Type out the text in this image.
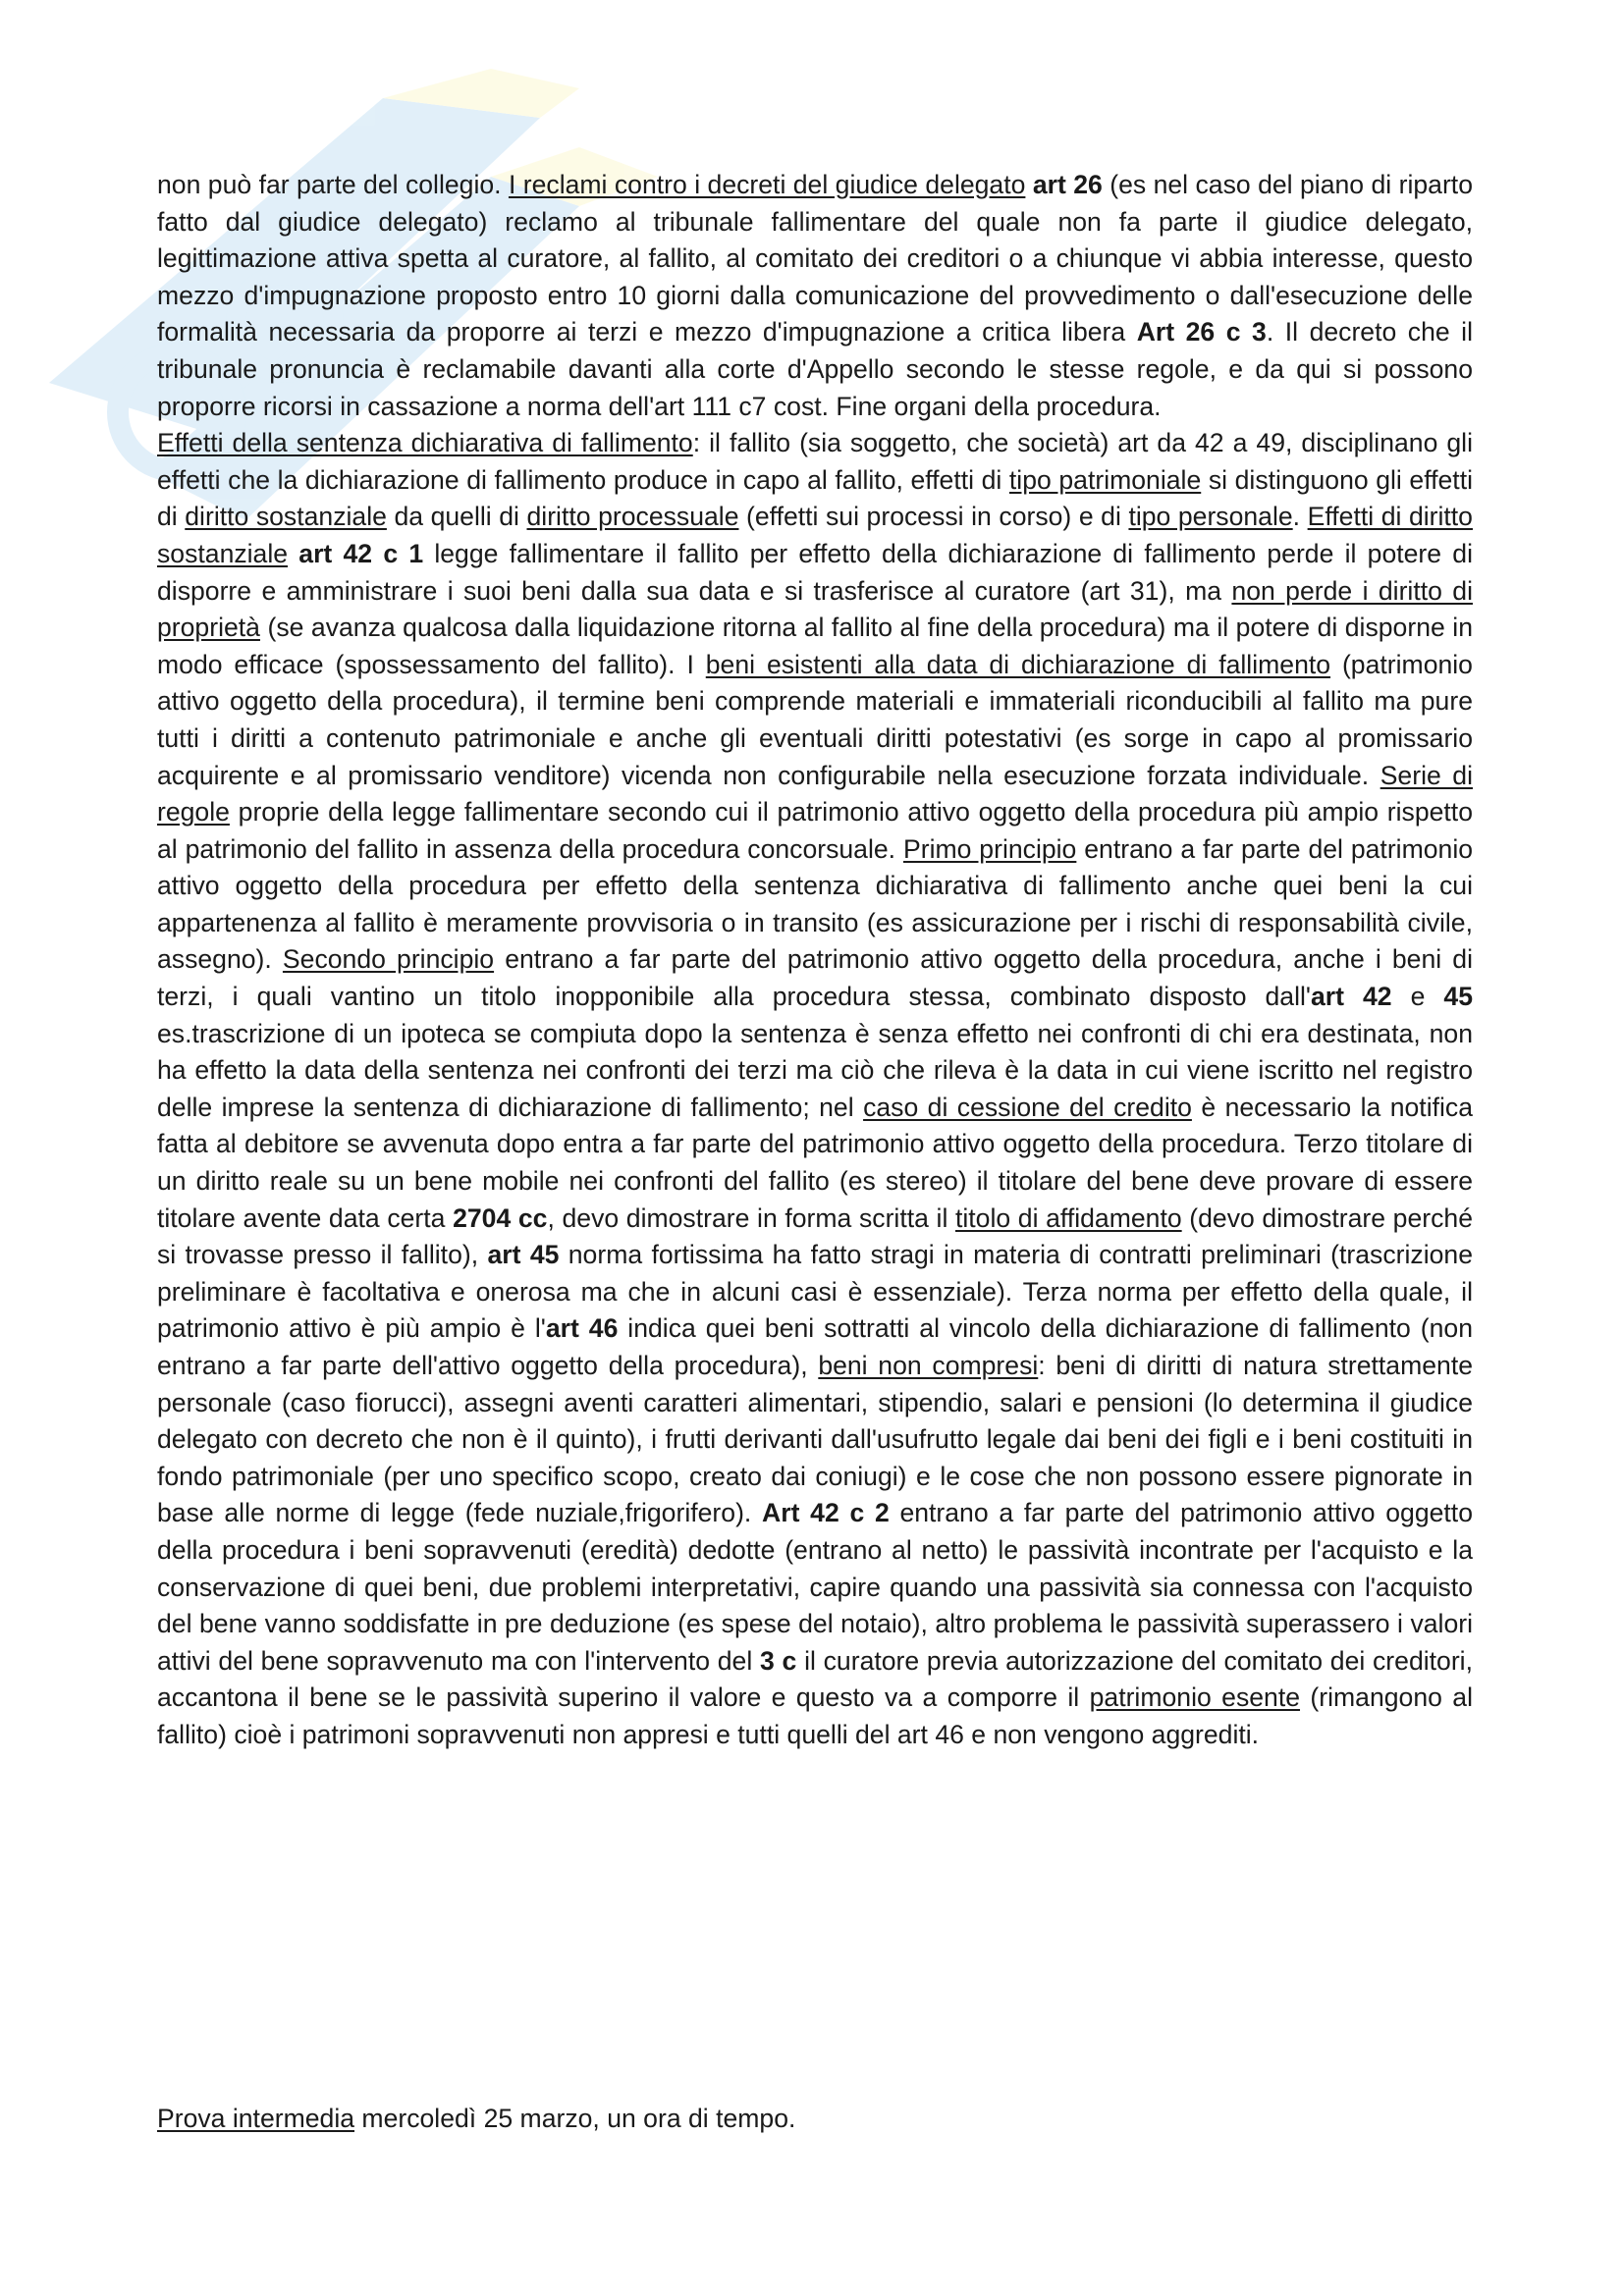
non può far parte del collegio. I reclami contro i decreti del giudice delegato art 26 (es nel caso del piano di riparto fatto dal giudice delegato) reclamo al tribunale fallimentare del quale non fa parte il giudice delegato, legittimazione attiva spetta al curatore, al fallito, al comitato dei creditori o a chiunque vi abbia interesse, questo mezzo d'impugnazione proposto entro 10 giorni dalla comunicazione del provvedimento o dall'esecuzione delle formalità necessaria da proporre ai terzi e mezzo d'impugnazione a critica libera Art 26 c 3. Il decreto che il tribunale pronuncia è reclamabile davanti alla corte d'Appello secondo le stesse regole, e da qui si possono proporre ricorsi in cassazione a norma dell'art 111 c7 cost. Fine organi della procedura.

Effetti della sentenza dichiarativa di fallimento: il fallito (sia soggetto, che società) art da 42 a 49, disciplinano gli effetti che la dichiarazione di fallimento produce in capo al fallito, effetti di tipo patrimoniale si distinguono gli effetti di diritto sostanziale da quelli di diritto processuale (effetti sui processi in corso) e di tipo personale. Effetti di diritto sostanziale art 42 c 1 legge fallimentare il fallito per effetto della dichiarazione di fallimento perde il potere di disporre e amministrare i suoi beni dalla sua data e si trasferisce al curatore (art 31), ma non perde i diritto di proprietà (se avanza qualcosa dalla liquidazione ritorna al fallito al fine della procedura) ma il potere di disporne in modo efficace (spossessamento del fallito). I beni esistenti alla data di dichiarazione di fallimento (patrimonio attivo oggetto della procedura), il termine beni comprende materiali e immateriali riconducibili al fallito ma pure tutti i diritti a contenuto patrimoniale e anche gli eventuali diritti potestativi (es sorge in capo al promissario acquirente e al promissario venditore) vicenda non configurabile nella esecuzione forzata individuale. Serie di regole proprie della legge fallimentare secondo cui il patrimonio attivo oggetto della procedura più ampio rispetto al patrimonio del fallito in assenza della procedura concorsuale. Primo principio entrano a far parte del patrimonio attivo oggetto della procedura per effetto della sentenza dichiarativa di fallimento anche quei beni la cui appartenenza al fallito è meramente provvisoria o in transito (es assicurazione per i rischi di responsabilità civile, assegno). Secondo principio entrano a far parte del patrimonio attivo oggetto della procedura, anche i beni di terzi, i quali vantino un titolo inopponibile alla procedura stessa, combinato disposto dall'art 42 e 45 es.trascrizione di un ipoteca se compiuta dopo la sentenza è senza effetto nei confronti di chi era destinata, non ha effetto la data della sentenza nei confronti dei terzi ma ciò che rileva è la data in cui viene iscritto nel registro delle imprese la sentenza di dichiarazione di fallimento; nel caso di cessione del credito è necessario la notifica fatta al debitore se avvenuta dopo entra a far parte del patrimonio attivo oggetto della procedura. Terzo titolare di un diritto reale su un bene mobile nei confronti del fallito (es stereo) il titolare del bene deve provare di essere titolare avente data certa 2704 cc, devo dimostrare in forma scritta il titolo di affidamento (devo dimostrare perché si trovasse presso il fallito), art 45 norma fortissima ha fatto stragi in materia di contratti preliminari (trascrizione preliminare è facoltativa e onerosa ma che in alcuni casi è essenziale). Terza norma per effetto della quale, il patrimonio attivo è più ampio è l'art 46 indica quei beni sottratti al vincolo della dichiarazione di fallimento (non entrano a far parte dell'attivo oggetto della procedura), beni non compresi: beni di diritti di natura strettamente personale (caso fiorucci), assegni aventi caratteri alimentari, stipendio, salari e pensioni (lo determina il giudice delegato con decreto che non è il quinto), i frutti derivanti dall'usufrutto legale dai beni dei figli e i beni costituiti in fondo patrimoniale (per uno specifico scopo, creato dai coniugi) e le cose che non possono essere pignorate in base alle norme di legge (fede nuziale,frigorifero). Art 42 c 2 entrano a far parte del patrimonio attivo oggetto della procedura i beni sopravvenuti (eredità) dedotte (entrano al netto) le passività incontrate per l'acquisto e la conservazione di quei beni, due problemi interpretativi, capire quando una passività sia connessa con l'acquisto del bene vanno soddisfatte in pre deduzione (es spese del notaio), altro problema le passività superassero i valori attivi del bene sopravvenuto ma con l'intervento del 3 c il curatore previa autorizzazione del comitato dei creditori, accantona il bene se le passività superino il valore e questo va a comporre il patrimonio esente (rimangono al fallito) cioè i patrimoni sopravvenuti non appresi e tutti quelli del art 46 e non vengono aggrediti.

Prova intermedia mercoledì 25 marzo, un ora di tempo.
